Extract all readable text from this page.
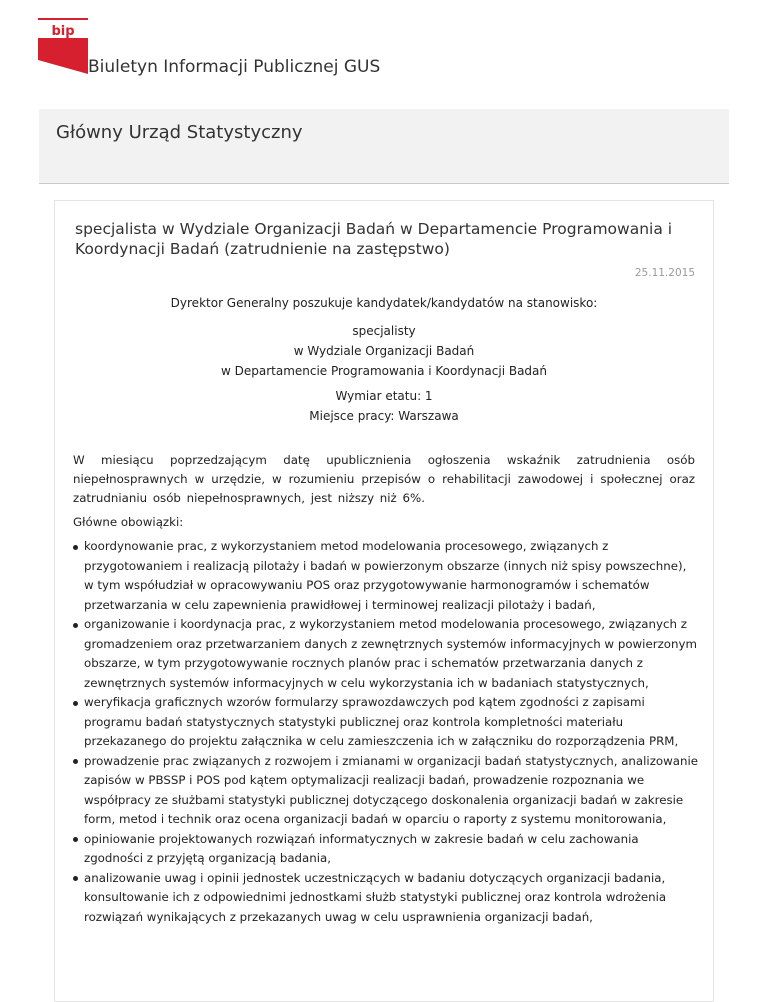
bip
Biuletyn Informacji Publicznej GUS
Główny Urząd Statystyczny
specjalista w Wydziale Organizacji Badań w Departamencie Programowania i Koordynacji Badań (zatrudnienie na zastępstwo)
25.11.2015
Dyrektor Generalny poszukuje kandydatek/kandydatów na stanowisko:
specjalisty
w Wydziale Organizacji Badań
w Departamencie Programowania i Koordynacji Badań
Wymiar etatu: 1
Miejsce pracy: Warszawa
W miesiącu poprzedzającym datę upublicznienia ogłoszenia wskaźnik zatrudnienia osób niepełnosprawnych w urzędzie, w rozumieniu przepisów o rehabilitacji zawodowej i społecznej oraz zatrudnianiu osób niepełnosprawnych, jest niższy niż 6%.
Główne obowiązki:
koordynowanie prac, z wykorzystaniem metod modelowania procesowego, związanych z przygotowaniem i realizacją pilotaży i badań w powierzonym obszarze (innych niż spisy powszechne), w tym współudział w opracowywaniu POS oraz przygotowywanie harmonogramów i schematów przetwarzania w celu zapewnienia prawidłowej i terminowej realizacji pilotaży i badań,
organizowanie i koordynacja prac, z wykorzystaniem metod modelowania procesowego, związanych z gromadzeniem oraz przetwarzaniem danych z zewnętrznych systemów informacyjnych w powierzonym obszarze, w tym przygotowywanie rocznych planów prac i schematów przetwarzania danych z zewnętrznych systemów informacyjnych w celu wykorzystania ich w badaniach statystycznych,
weryfikacja graficznych wzorów formularzy sprawozdawczych pod kątem zgodności z zapisami programu badań statystycznych statystyki publicznej oraz kontrola kompletności materiału przekazanego do projektu załącznika w celu zamieszczenia ich w załączniku do rozporządzenia PRM,
prowadzenie prac związanych z rozwojem i zmianami w organizacji badań statystycznych, analizowanie zapisów w PBSSP i POS pod kątem optymalizacji realizacji badań, prowadzenie rozpoznania we współpracy ze służbami statystyki publicznej dotyczącego doskonalenia organizacji badań w zakresie form, metod i technik oraz ocena organizacji badań w oparciu o raporty z systemu monitorowania,
opiniowanie projektowanych rozwiązań informatycznych w zakresie badań w celu zachowania zgodności z przyjętą organizacją badania,
analizowanie uwag i opinii jednostek uczestniczących w badaniu dotyczących organizacji badania, konsultowanie ich z odpowiednimi jednostkami służb statystyki publicznej oraz kontrola wdrożenia rozwiązań wynikających z przekazanych uwag w celu usprawnienia organizacji badań,
